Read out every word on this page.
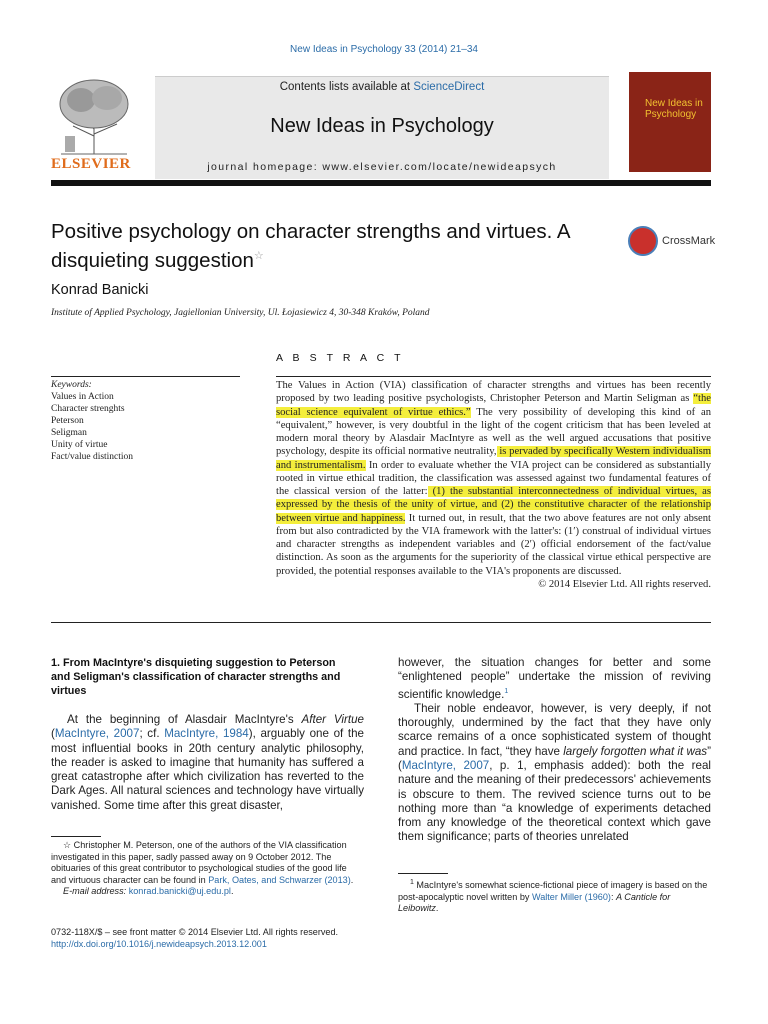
New Ideas in Psychology 33 (2014) 21–34
ELSEVIER
Contents lists available at ScienceDirect
New Ideas in Psychology
journal homepage: www.elsevier.com/locate/newideapsych
New Ideas in Psychology
Positive psychology on character strengths and virtues. A disquieting suggestion☆
CrossMark
Konrad Banicki
Institute of Applied Psychology, Jagiellonian University, Ul. Łojasiewicz 4, 30-348 Kraków, Poland
A B S T R A C T
Keywords:
Values in Action
Character strenghts
Peterson
Seligman
Unity of virtue
Fact/value distinction
The Values in Action (VIA) classification of character strengths and virtues has been recently proposed by two leading positive psychologists, Christopher Peterson and Martin Seligman as “the social science equivalent of virtue ethics.” The very possibility of developing this kind of an “equivalent,” however, is very doubtful in the light of the cogent criticism that has been leveled at modern moral theory by Alasdair MacIntyre as well as the well argued accusations that positive psychology, despite its official normative neutrality, is pervaded by specifically Western individualism and instrumentalism. In order to evaluate whether the VIA project can be considered as substantially rooted in virtue ethical tradition, the classification was assessed against two fundamental features of the classical version of the latter: (1) the substantial interconnectedness of individual virtues, as expressed by the thesis of the unity of virtue, and (2) the constitutive character of the relationship between virtue and happiness. It turned out, in result, that the two above features are not only absent from but also contradicted by the VIA framework with the latter's: (1′) construal of individual virtues and character strengths as independent variables and (2′) official endorsement of the fact/value distinction. As soon as the arguments for the superiority of the classical virtue ethical perspective are provided, the potential responses available to the VIA's proponents are discussed.
© 2014 Elsevier Ltd. All rights reserved.
1. From MacIntyre's disquieting suggestion to Peterson and Seligman's classification of character strengths and virtues

At the beginning of Alasdair MacIntyre's After Virtue (MacIntyre, 2007; cf. MacIntyre, 1984), arguably one of the most influential books in 20th century analytic philosophy, the reader is asked to imagine that humanity has suffered a great catastrophe after which civilization has reverted to the Dark Ages. All natural sciences and technology have virtually vanished. Some time after this great disaster,

however, the situation changes for better and some “enlightened people” undertake the mission of reviving scientific knowledge.$^1$

Their noble endeavor, however, is very deeply, if not thoroughly, undermined by the fact that they have only scarce remains of a once sophisticated system of thought and practice. In fact, “they have largely forgotten what it was” (MacIntyre, 2007, p. 1, emphasis added): both the real nature and the meaning of their predecessors' achievements is obscure to them. The revived science turns out to be nothing more than “a knowledge of experiments detached from any knowledge of the theoretical context which gave them significance; parts of theories unrelated

☆ Christopher M. Peterson, one of the authors of the VIA classification investigated in this paper, sadly passed away on 9 October 2012. The obituaries of this great contributor to psychological studies of the good life and virtuous character can be found in Park, Oates, and Schwarzer (2013).

E-mail address: konrad.banicki@uj.edu.pl.

$^1$ MacIntyre's somewhat science-fictional piece of imagery is based on the post-apocalyptic novel written by Walter Miller (1960): A Canticle for Leibowitz.

0732-118X/$ – see front matter © 2014 Elsevier Ltd. All rights reserved.
http://dx.doi.org/10.1016/j.newideapsych.2013.12.001
